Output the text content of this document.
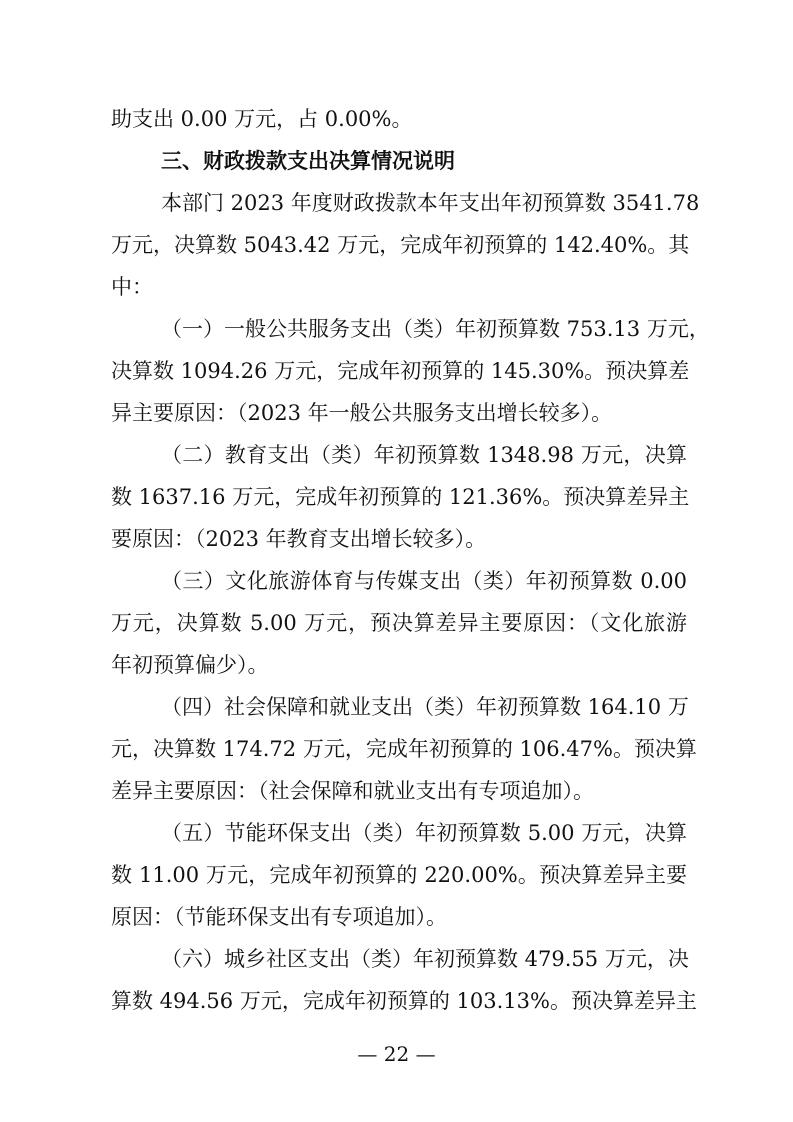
助支出 0.00 万元，占 0.00%。
三、财政拨款支出决算情况说明
本部门 2023 年度财政拨款本年支出年初预算数 3541.78
万元，决算数 5043.42 万元，完成年初预算的 142.40%。其
中：
（一）一般公共服务支出（类）年初预算数 753.13 万元，
决算数 1094.26 万元，完成年初预算的 145.30%。预决算差
异主要原因：（2023 年一般公共服务支出增长较多）。
（二）教育支出（类）年初预算数 1348.98 万元，决算
数 1637.16 万元，完成年初预算的 121.36%。预决算差异主
要原因：（2023 年教育支出增长较多）。
（三）文化旅游体育与传媒支出（类）年初预算数 0.00
万元，决算数 5.00 万元，预决算差异主要原因：（文化旅游
年初预算偏少）。
（四）社会保障和就业支出（类）年初预算数 164.10 万
元，决算数 174.72 万元，完成年初预算的 106.47%。预决算
差异主要原因：（社会保障和就业支出有专项追加）。
（五）节能环保支出（类）年初预算数 5.00 万元，决算
数 11.00 万元，完成年初预算的 220.00%。预决算差异主要
原因：（节能环保支出有专项追加）。
（六）城乡社区支出（类）年初预算数 479.55 万元，决
算数 494.56 万元，完成年初预算的 103.13%。预决算差异主
— 22 —
